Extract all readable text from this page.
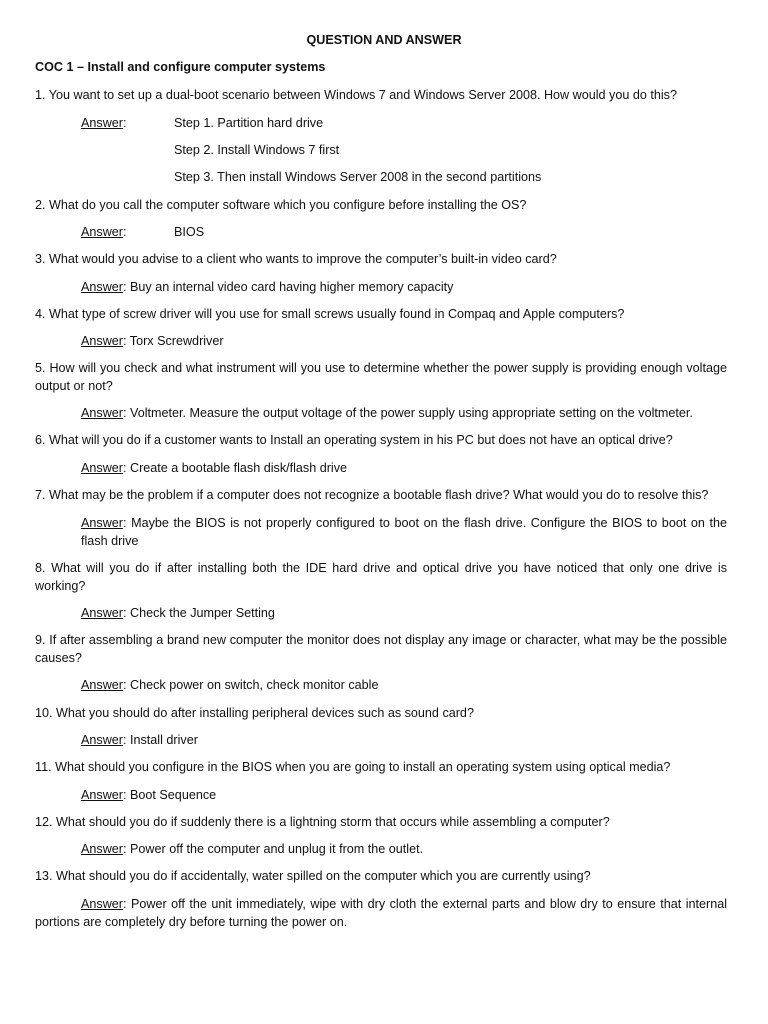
QUESTION AND ANSWER
COC 1 – Install and configure computer systems
1. You want to set up a dual-boot scenario between Windows 7 and Windows Server 2008. How would you do this?
Answer:	Step 1. Partition hard drive
Step 2. Install Windows 7 first
Step 3. Then install Windows Server 2008 in the second partitions
2. What do you call the computer software which you configure before installing the OS?
Answer:	BIOS
3. What would you advise to a client who wants to improve the computer’s built-in video card?
Answer: Buy an internal video card having higher memory capacity
4. What type of screw driver will you use for small screws usually found in Compaq and Apple computers?
Answer: Torx Screwdriver
5. How will you check and what instrument will you use to determine whether the power supply is providing enough voltage output or not?
Answer: Voltmeter. Measure the output voltage of the power supply using appropriate setting on the voltmeter.
6. What will you do if a customer wants to Install an operating system in his PC but does not have an optical drive?
Answer: Create a bootable flash disk/flash drive
7. What may be the problem if a computer does not recognize a bootable flash drive? What would you do to resolve this?
Answer: Maybe the BIOS is not properly configured to boot on the flash drive. Configure the BIOS to boot on the flash drive
8. What will you do if after installing both the IDE hard drive and optical drive you have noticed that only one drive is working?
Answer: Check the Jumper Setting
9. If after assembling a brand new computer the monitor does not display any image or character, what may be the possible causes?
Answer: Check power on switch, check monitor cable
10. What you should do after installing peripheral devices such as sound card?
Answer: Install driver
11. What should you configure in the BIOS when you are going to install an operating system using optical media?
Answer: Boot Sequence
12. What should you do if suddenly there is a lightning storm that occurs while assembling a computer?
Answer: Power off the computer and unplug it from the outlet.
13. What should you do if accidentally, water spilled on the computer which you are currently using?
Answer: Power off the unit immediately, wipe with dry cloth the external parts and blow dry to ensure that internal portions are completely dry before turning the power on.
